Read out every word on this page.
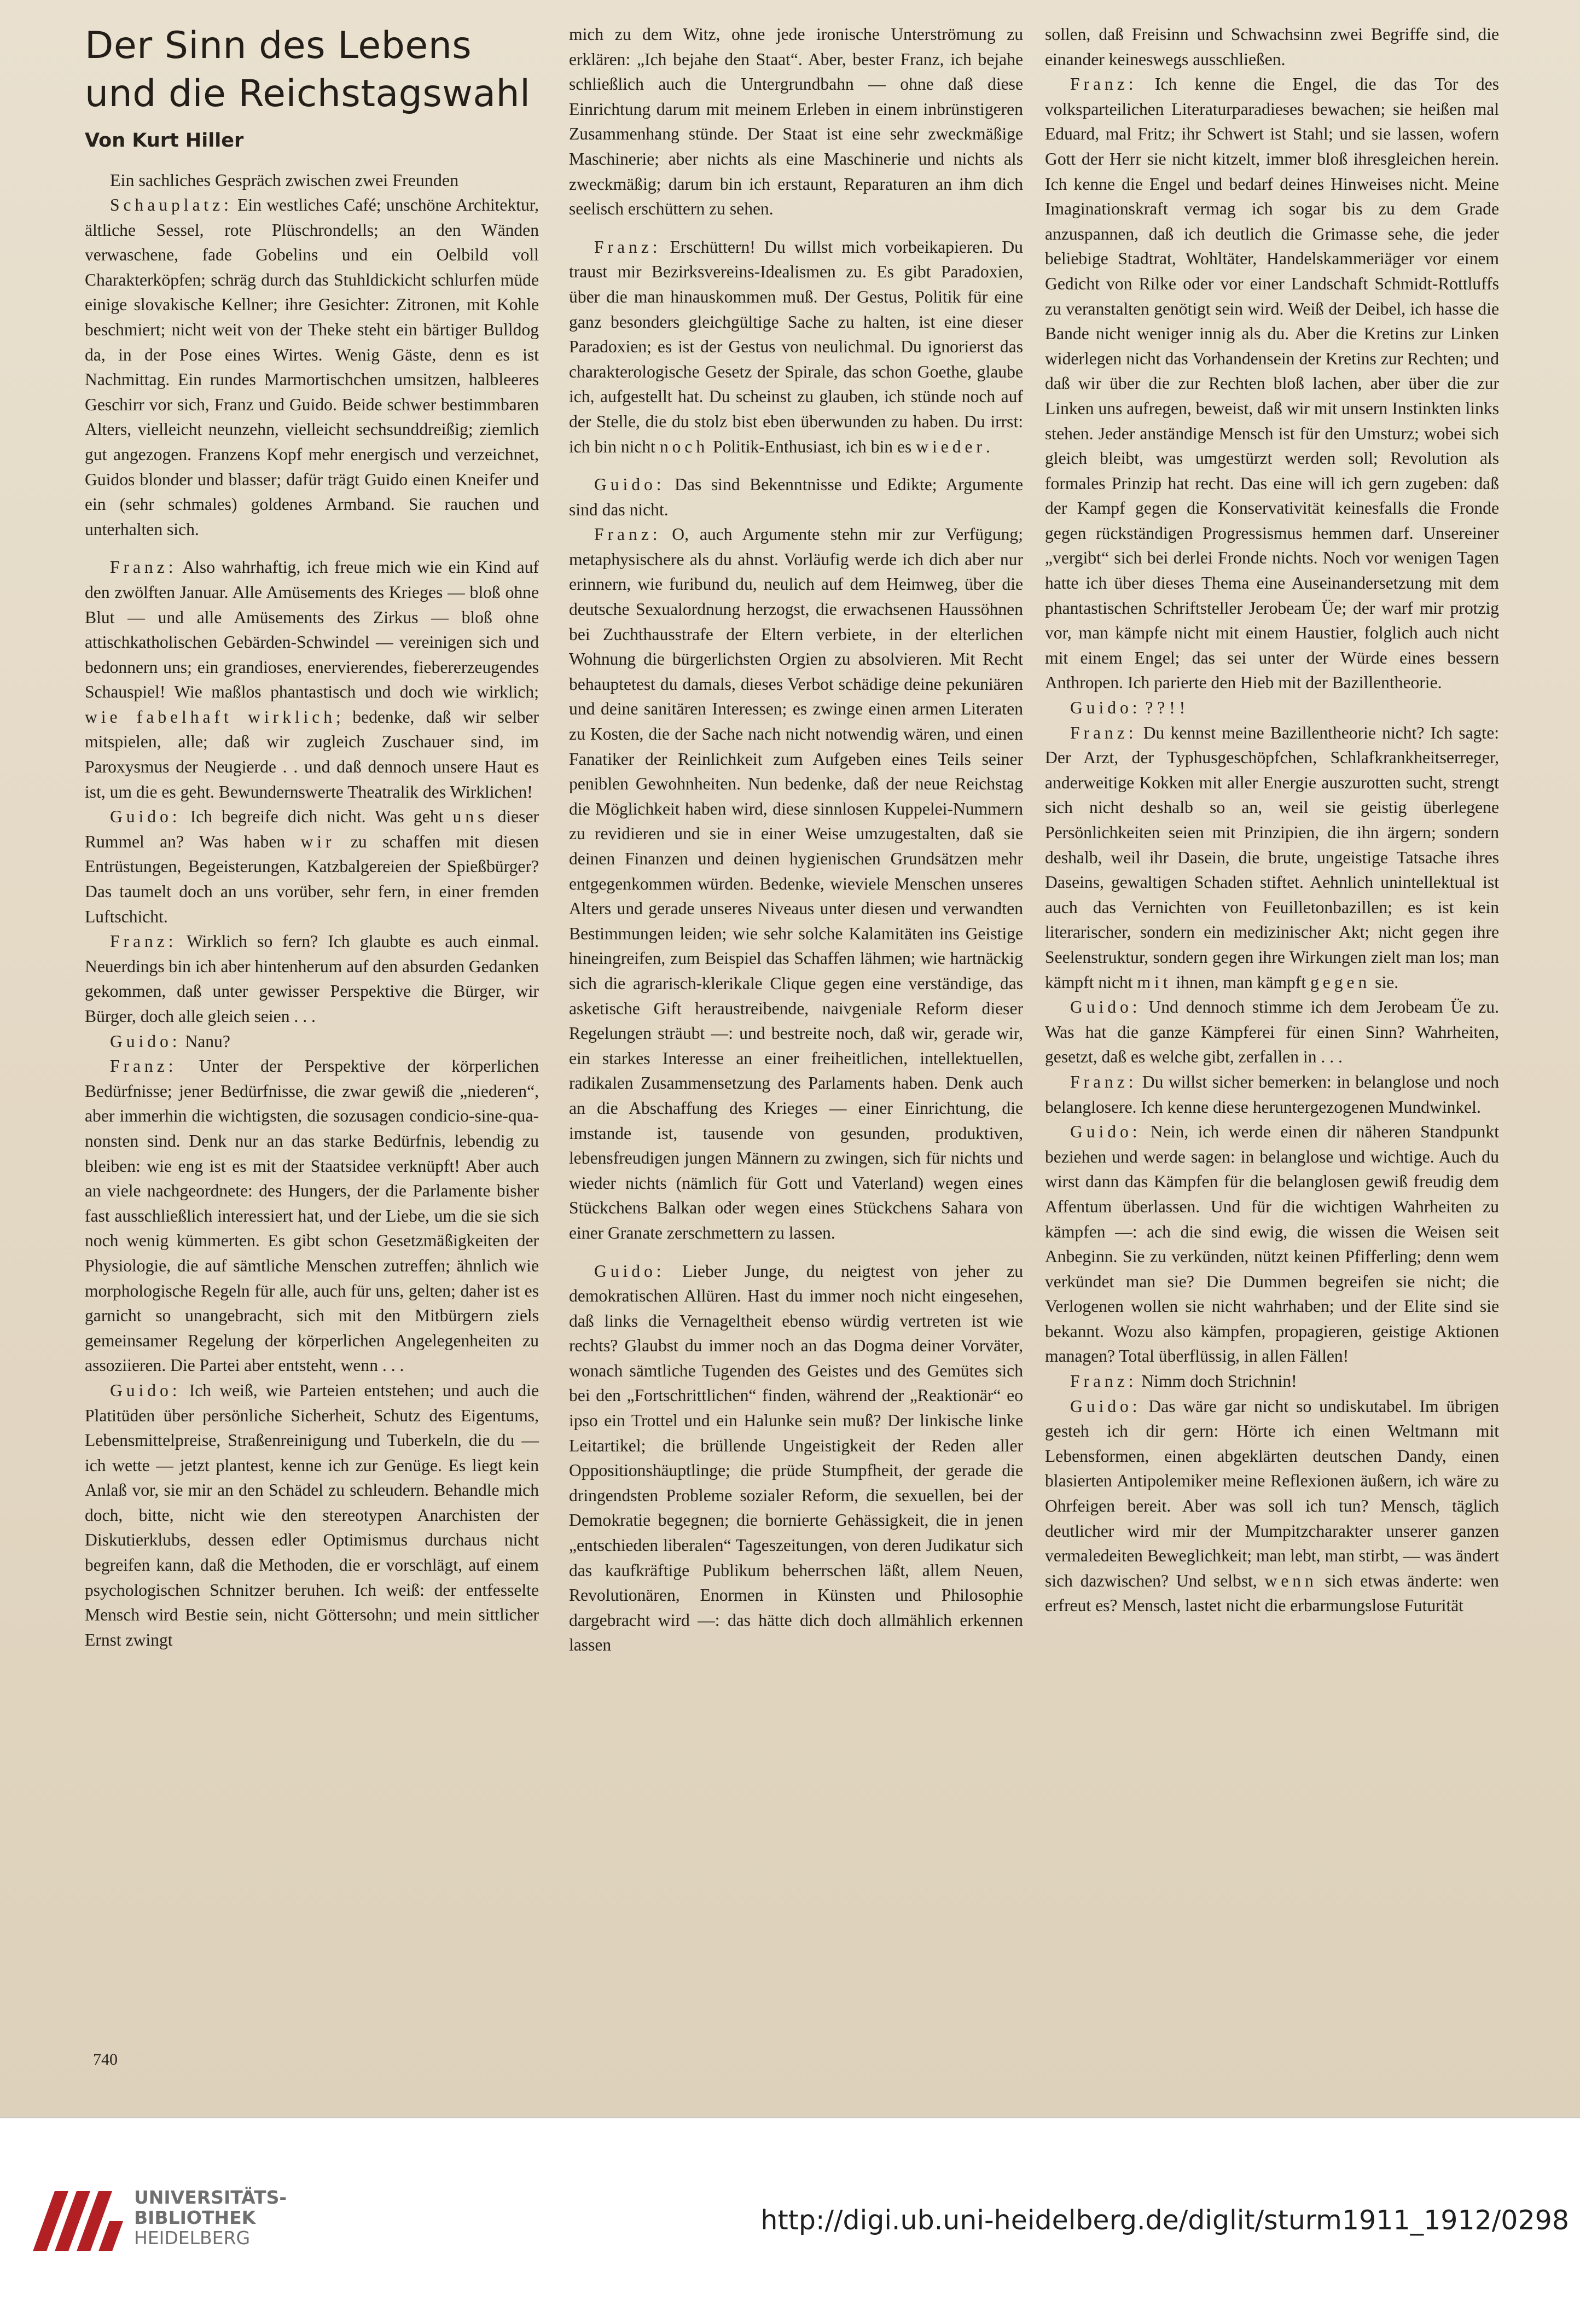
Der Sinn des Lebens
und die Reichstagswahl
Von Kurt Hiller

Ein sachliches Gespräch zwischen zwei Freunden

Schauplatz: Ein westliches Café; unschöne Architektur, ältliche Sessel, rote Plüschrondells; an den Wänden verwaschene, fade Gobelins und ein Oelbild voll Charakterköpfen; schräg durch das Stuhldickicht schlurfen müde einige slovakische Kellner; ihre Gesichter: Zitronen, mit Kohle beschmiert; nicht weit von der Theke steht ein bärtiger Bulldog da, in der Pose eines Wirtes. Wenig Gäste, denn es ist Nachmittag. Ein rundes Marmortischchen umsitzen, halbleeres Geschirr vor sich, Franz und Guido. Beide schwer bestimmbaren Alters, vielleicht neunzehn, vielleicht sechsunddreißig; ziemlich gut angezogen. Franzens Kopf mehr energisch und verzeichnet, Guidos blonder und blasser; dafür trägt Guido einen Kneifer und ein (sehr schmales) goldenes Armband. Sie rauchen und unterhalten sich.

Franz: Also wahrhaftig, ich freue mich wie ein Kind auf den zwölften Januar. Alle Amüsements des Krieges — bloß ohne Blut — und alle Amüsements des Zirkus — bloß ohne attischkatholischen Gebärden-Schwindel — vereinigen sich und bedonnern uns; ein grandioses, enervierendes, fiebererzeugendes Schauspiel! Wie maßlos phantastisch und doch wie wirklich; wie fabelhaft wirklich; bedenke, daß wir selber mitspielen, alle; daß wir zugleich Zuschauer sind, im Paroxysmus der Neugierde . . und daß dennoch unsere Haut es ist, um die es geht. Bewundernswerte Theatralik des Wirklichen!

Guido: Ich begreife dich nicht. Was geht uns dieser Rummel an? Was haben wir zu schaffen mit diesen Entrüstungen, Begeisterungen, Katzbalgereien der Spießbürger? Das taumelt doch an uns vorüber, sehr fern, in einer fremden Luftschicht.

Franz: Wirklich so fern? Ich glaubte es auch einmal. Neuerdings bin ich aber hintenherum auf den absurden Gedanken gekommen, daß unter gewisser Perspektive die Bürger, wir Bürger, doch alle gleich seien . . .

Guido: Nanu?

Franz: Unter der Perspektive der körperlichen Bedürfnisse; jener Bedürfnisse, die zwar gewiß die „niederen“, aber immerhin die wichtigsten, die sozusagen condicio-sine-qua-nonsten sind. Denk nur an das starke Bedürfnis, lebendig zu bleiben: wie eng ist es mit der Staatsidee verknüpft! Aber auch an viele nachgeordnete: des Hungers, der die Parlamente bisher fast ausschließlich interessiert hat, und der Liebe, um die sie sich noch wenig kümmerten. Es gibt schon Gesetzmäßigkeiten der Physiologie, die auf sämtliche Menschen zutreffen; ähnlich wie morphologische Regeln für alle, auch für uns, gelten; daher ist es garnicht so unangebracht, sich mit den Mitbürgern ziels gemeinsamer Regelung der körperlichen Angelegenheiten zu assoziieren. Die Partei aber entsteht, wenn . . .

Guido: Ich weiß, wie Parteien entstehen; und auch die Platitüden über persönliche Sicherheit, Schutz des Eigentums, Lebensmittelpreise, Straßenreinigung und Tuberkeln, die du — ich wette — jetzt plantest, kenne ich zur Genüge. Es liegt kein Anlaß vor, sie mir an den Schädel zu schleudern. Behandle mich doch, bitte, nicht wie den stereotypen Anarchisten der Diskutierklubs, dessen edler Optimismus durchaus nicht begreifen kann, daß die Methoden, die er vorschlägt, auf einem psychologischen Schnitzer beruhen. Ich weiß: der entfesselte Mensch wird Bestie sein, nicht Göttersohn; und mein sittlicher Ernst zwingt

mich zu dem Witz, ohne jede ironische Unterströmung zu erklären: „Ich bejahe den Staat“. Aber, bester Franz, ich bejahe schließlich auch die Untergrundbahn — ohne daß diese Einrichtung darum mit meinem Erleben in einem inbrünstigeren Zusammenhang stünde. Der Staat ist eine sehr zweckmäßige Maschinerie; aber nichts als eine Maschinerie und nichts als zweckmäßig; darum bin ich erstaunt, Reparaturen an ihm dich seelisch erschüttern zu sehen.

Franz: Erschüttern! Du willst mich vorbeikapieren. Du traust mir Bezirksvereins-Idealismen zu. Es gibt Paradoxien, über die man hinauskommen muß. Der Gestus, Politik für eine ganz besonders gleichgültige Sache zu halten, ist eine dieser Paradoxien; es ist der Gestus von neulichmal. Du ignorierst das charakterologische Gesetz der Spirale, das schon Goethe, glaube ich, aufgestellt hat. Du scheinst zu glauben, ich stünde noch auf der Stelle, die du stolz bist eben überwunden zu haben. Du irrst: ich bin nicht noch Politik-Enthusiast, ich bin es wieder.

Guido: Das sind Bekenntnisse und Edikte; Argumente sind das nicht.

Franz: O, auch Argumente stehn mir zur Verfügung; metaphysischere als du ahnst. Vorläufig werde ich dich aber nur erinnern, wie furibund du, neulich auf dem Heimweg, über die deutsche Sexualordnung herzogst, die erwachsenen Haussöhnen bei Zuchthausstrafe der Eltern verbiete, in der elterlichen Wohnung die bürgerlichsten Orgien zu absolvieren. Mit Recht behauptetest du damals, dieses Verbot schädige deine pekuniären und deine sanitären Interessen; es zwinge einen armen Literaten zu Kosten, die der Sache nach nicht notwendig wären, und einen Fanatiker der Reinlichkeit zum Aufgeben eines Teils seiner peniblen Gewohnheiten. Nun bedenke, daß der neue Reichstag die Möglichkeit haben wird, diese sinnlosen Kuppelei-Nummern zu revidieren und sie in einer Weise umzugestalten, daß sie deinen Finanzen und deinen hygienischen Grundsätzen mehr entgegenkommen würden. Bedenke, wieviele Menschen unseres Alters und gerade unseres Niveaus unter diesen und verwandten Bestimmungen leiden; wie sehr solche Kalamitäten ins Geistige hineingreifen, zum Beispiel das Schaffen lähmen; wie hartnäckig sich die agrarisch-klerikale Clique gegen eine verständige, das asketische Gift heraustreibende, naivgeniale Reform dieser Regelungen sträubt —: und bestreite noch, daß wir, gerade wir, ein starkes Interesse an einer freiheitlichen, intellektuellen, radikalen Zusammensetzung des Parlaments haben. Denk auch an die Abschaffung des Krieges — einer Einrichtung, die imstande ist, tausende von gesunden, produktiven, lebensfreudigen jungen Männern zu zwingen, sich für nichts und wieder nichts (nämlich für Gott und Vaterland) wegen eines Stückchens Balkan oder wegen eines Stückchens Sahara von einer Granate zerschmettern zu lassen.

Guido: Lieber Junge, du neigtest von jeher zu demokratischen Allüren. Hast du immer noch nicht eingesehen, daß links die Vernageltheit ebenso würdig vertreten ist wie rechts? Glaubst du immer noch an das Dogma deiner Vorväter, wonach sämtliche Tugenden des Geistes und des Gemütes sich bei den „Fortschrittlichen“ finden, während der „Reaktionär“ eo ipso ein Trottel und ein Halunke sein muß? Der linkische linke Leitartikel; die brüllende Ungeistigkeit der Reden aller Oppositionshäuptlinge; die prüde Stumpfheit, der gerade die dringendsten Probleme sozialer Reform, die sexuellen, bei der Demokratie begegnen; die bornierte Gehässigkeit, die in jenen „entschieden liberalen“ Tageszeitungen, von deren Judikatur sich das kaufkräftige Publikum beherrschen läßt, allem Neuen, Revolutionären, Enormen in Künsten und Philosophie dargebracht wird —: das hätte dich doch allmählich erkennen lassen

sollen, daß Freisinn und Schwachsinn zwei Begriffe sind, die einander keineswegs ausschließen.

Franz: Ich kenne die Engel, die das Tor des volksparteilichen Literaturparadieses bewachen; sie heißen mal Eduard, mal Fritz; ihr Schwert ist Stahl; und sie lassen, wofern Gott der Herr sie nicht kitzelt, immer bloß ihresgleichen herein. Ich kenne die Engel und bedarf deines Hinweises nicht. Meine Imaginationskraft vermag ich sogar bis zu dem Grade anzuspannen, daß ich deutlich die Grimasse sehe, die jeder beliebige Stadtrat, Wohltäter, Handelskammeriäger vor einem Gedicht von Rilke oder vor einer Landschaft Schmidt-Rottluffs zu veranstalten genötigt sein wird. Weiß der Deibel, ich hasse die Bande nicht weniger innig als du. Aber die Kretins zur Linken widerlegen nicht das Vorhandensein der Kretins zur Rechten; und daß wir über die zur Rechten bloß lachen, aber über die zur Linken uns aufregen, beweist, daß wir mit unsern Instinkten links stehen. Jeder anständige Mensch ist für den Umsturz; wobei sich gleich bleibt, was umgestürzt werden soll; Revolution als formales Prinzip hat recht. Das eine will ich gern zugeben: daß der Kampf gegen die Konservativität keinesfalls die Fronde gegen rückständigen Progressismus hemmen darf. Unsereiner „vergibt“ sich bei derlei Fronde nichts. Noch vor wenigen Tagen hatte ich über dieses Thema eine Auseinandersetzung mit dem phantastischen Schriftsteller Jerobeam Üe; der warf mir protzig vor, man kämpfe nicht mit einem Haustier, folglich auch nicht mit einem Engel; das sei unter der Würde eines bessern Anthropen. Ich parierte den Hieb mit der Bazillentheorie.

Guido: ? ? ! !

Franz: Du kennst meine Bazillentheorie nicht? Ich sagte: Der Arzt, der Typhusgeschöpfchen, Schlafkrankheitserreger, anderweitige Kokken mit aller Energie auszurotten sucht, strengt sich nicht deshalb so an, weil sie geistig überlegene Persönlichkeiten seien mit Prinzipien, die ihn ärgern; sondern deshalb, weil ihr Dasein, die brute, ungeistige Tatsache ihres Daseins, gewaltigen Schaden stiftet. Aehnlich unintellektual ist auch das Vernichten von Feuilletonbazillen; es ist kein literarischer, sondern ein medizinischer Akt; nicht gegen ihre Seelenstruktur, sondern gegen ihre Wirkungen zielt man los; man kämpft nicht mit ihnen, man kämpft gegen sie.

Guido: Und dennoch stimme ich dem Jerobeam Üe zu. Was hat die ganze Kämpferei für einen Sinn? Wahrheiten, gesetzt, daß es welche gibt, zerfallen in . . .

Franz: Du willst sicher bemerken: in belanglose und noch belanglosere. Ich kenne diese heruntergezogenen Mundwinkel.

Guido: Nein, ich werde einen dir näheren Standpunkt beziehen und werde sagen: in belanglose und wichtige. Auch du wirst dann das Kämpfen für die belanglosen gewiß freudig dem Affentum überlassen. Und für die wichtigen Wahrheiten zu kämpfen —: ach die sind ewig, die wissen die Weisen seit Anbeginn. Sie zu verkünden, nützt keinen Pfifferling; denn wem verkündet man sie? Die Dummen begreifen sie nicht; die Verlogenen wollen sie nicht wahrhaben; und der Elite sind sie bekannt. Wozu also kämpfen, propagieren, geistige Aktionen managen? Total überflüssig, in allen Fällen!

Franz: Nimm doch Strichnin!

Guido: Das wäre gar nicht so undiskutabel. Im übrigen gesteh ich dir gern: Hörte ich einen Weltmann mit Lebensformen, einen abgeklärten deutschen Dandy, einen blasierten Antipolemiker meine Reflexionen äußern, ich wäre zu Ohrfeigen bereit. Aber was soll ich tun? Mensch, täglich deutlicher wird mir der Mumpitzcharakter unserer ganzen vermaledeiten Beweglichkeit; man lebt, man stirbt, — was ändert sich dazwischen? Und selbst, wenn sich etwas änderte: wen erfreut es? Mensch, lastet nicht die erbarmungslose Futurität

740
UNIVERSITÄTS-
BIBLIOTHEK
HEIDELBERG
http://digi.ub.uni-heidelberg.de/diglit/sturm1911_1912/0298
